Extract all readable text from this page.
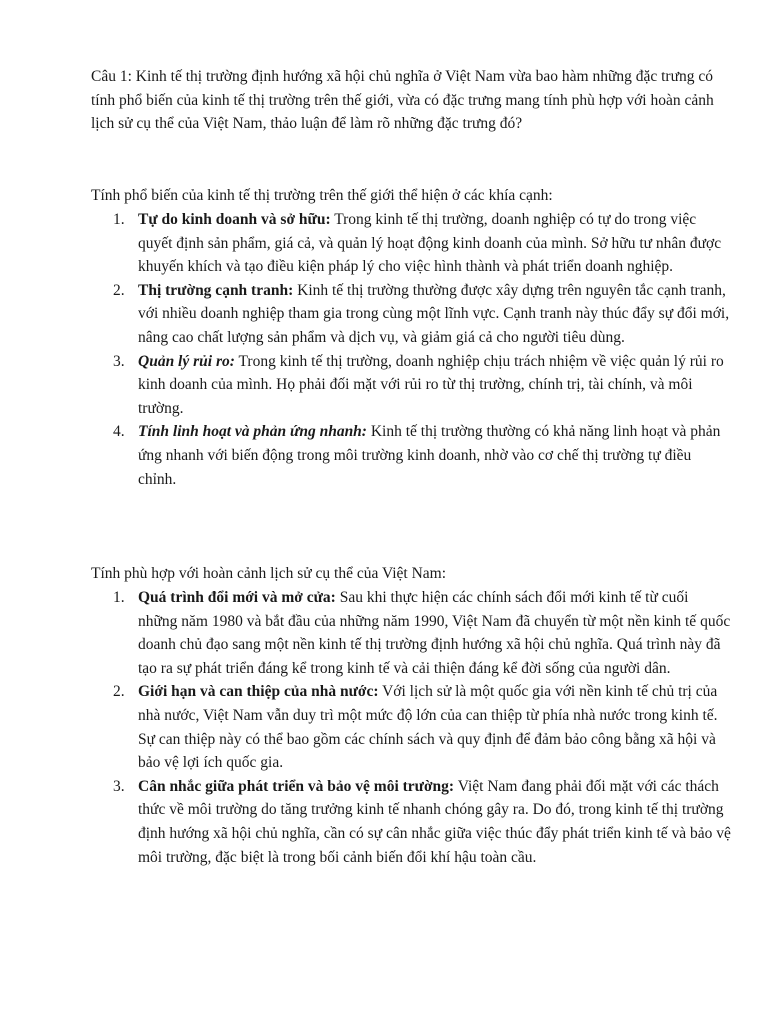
Câu 1: Kinh tế thị trường định hướng xã hội chủ nghĩa ở Việt Nam vừa bao hàm những đặc trưng có tính phổ biến của kinh tế thị trường trên thế giới, vừa có đặc trưng mang tính phù hợp với hoàn cảnh lịch sử cụ thể của Việt Nam, thảo luận để làm rõ những đặc trưng đó?

Tính phổ biến của kinh tế thị trường trên thế giới thể hiện ở các khía cạnh:

1. Tự do kinh doanh và sở hữu: Trong kinh tế thị trường, doanh nghiệp có tự do trong việc quyết định sản phẩm, giá cả, và quản lý hoạt động kinh doanh của mình. Sở hữu tư nhân được khuyến khích và tạo điều kiện pháp lý cho việc hình thành và phát triển doanh nghiệp.
2. Thị trường cạnh tranh: Kinh tế thị trường thường được xây dựng trên nguyên tắc cạnh tranh, với nhiều doanh nghiệp tham gia trong cùng một lĩnh vực. Cạnh tranh này thúc đẩy sự đổi mới, nâng cao chất lượng sản phẩm và dịch vụ, và giảm giá cả cho người tiêu dùng.
3. Quản lý rủi ro: Trong kinh tế thị trường, doanh nghiệp chịu trách nhiệm về việc quản lý rủi ro kinh doanh của mình. Họ phải đối mặt với rủi ro từ thị trường, chính trị, tài chính, và môi trường.
4. Tính linh hoạt và phản ứng nhanh: Kinh tế thị trường thường có khả năng linh hoạt và phản ứng nhanh với biến động trong môi trường kinh doanh, nhờ vào cơ chế thị trường tự điều chỉnh.

Tính phù hợp với hoàn cảnh lịch sử cụ thể của Việt Nam:

1. Quá trình đổi mới và mở cửa: Sau khi thực hiện các chính sách đổi mới kinh tế từ cuối những năm 1980 và bắt đầu của những năm 1990, Việt Nam đã chuyển từ một nền kinh tế quốc doanh chủ đạo sang một nền kinh tế thị trường định hướng xã hội chủ nghĩa. Quá trình này đã tạo ra sự phát triển đáng kể trong kinh tế và cải thiện đáng kể đời sống của người dân.
2. Giới hạn và can thiệp của nhà nước: Với lịch sử là một quốc gia với nền kinh tế chủ trị của nhà nước, Việt Nam vẫn duy trì một mức độ lớn của can thiệp từ phía nhà nước trong kinh tế. Sự can thiệp này có thể bao gồm các chính sách và quy định để đảm bảo công bằng xã hội và bảo vệ lợi ích quốc gia.
3. Cân nhắc giữa phát triển và bảo vệ môi trường: Việt Nam đang phải đối mặt với các thách thức về môi trường do tăng trưởng kinh tế nhanh chóng gây ra. Do đó, trong kinh tế thị trường định hướng xã hội chủ nghĩa, cần có sự cân nhắc giữa việc thúc đẩy phát triển kinh tế và bảo vệ môi trường, đặc biệt là trong bối cảnh biến đổi khí hậu toàn cầu.
